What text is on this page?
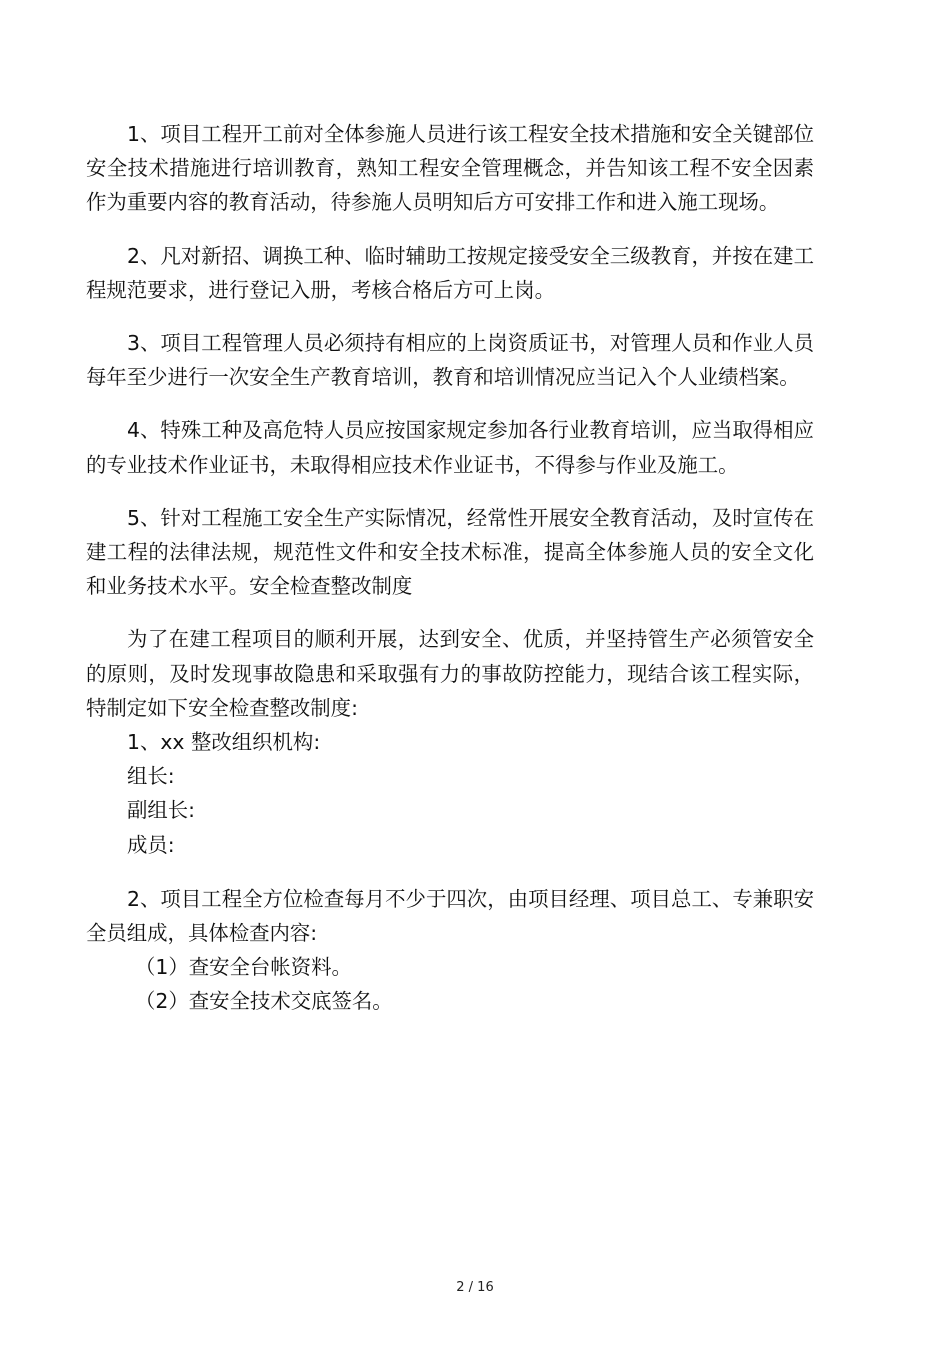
1、项目工程开工前对全体参施人员进行该工程安全技术措施和安全关键部位安全技术措施进行培训教育，熟知工程安全管理概念，并告知该工程不安全因素作为重要内容的教育活动，待参施人员明知后方可安排工作和进入施工现场。

2、凡对新招、调换工种、临时辅助工按规定接受安全三级教育，并按在建工程规范要求，进行登记入册，考核合格后方可上岗。

3、项目工程管理人员必须持有相应的上岗资质证书，对管理人员和作业人员每年至少进行一次安全生产教育培训，教育和培训情况应当记入个人业绩档案。

4、特殊工种及高危特人员应按国家规定参加各行业教育培训，应当取得相应的专业技术作业证书，未取得相应技术作业证书，不得参与作业及施工。

5、针对工程施工安全生产实际情况，经常性开展安全教育活动，及时宣传在建工程的法律法规，规范性文件和安全技术标准，提高全体参施人员的安全文化和业务技术水平。安全检查整改制度

为了在建工程项目的顺利开展，达到安全、优质，并坚持管生产必须管安全的原则，及时发现事故隐患和采取强有力的事故防控能力，现结合该工程实际，特制定如下安全检查整改制度:

1、xx 整改组织机构:

组长:

副组长:

成员:

2、项目工程全方位检查每月不少于四次，由项目经理、项目总工、专兼职安全员组成，具体检查内容:

（1）查安全台帐资料。

（2）查安全技术交底签名。

2 / 16
